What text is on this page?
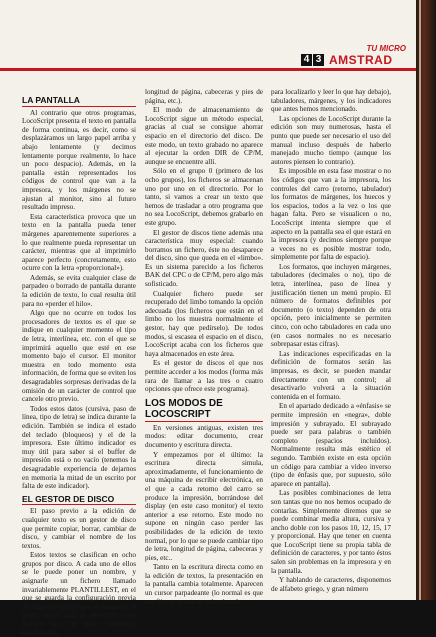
TU MICRO
4 3 AMSTRAD
LA PANTALLA

Al contrario que otros programas, LocoScript presenta el texto en pantalla de forma continua, es decir, como si desplazáramos un largo papel arriba y abajo lentamente (y decimos lentamente porque realmente, lo hace un poco despacio). Además, en la pantalla están representados los códigos de control que van a la impresora, y los márgenes no se ajustan al monitor, sino al futuro resultado impreso.

Esta característica provoca que un texto en la pantalla pueda tener márgenes aparentemente superiores a lo que realmente pueda representar un carácter, mientras que al imprimirlo aparece perfecto (concretamente, esto ocurre con la letra «proporcional»).

Además, se evita cualquier clase de parpadeo o borrado de pantalla durante la edición de texto, lo cual resulta útil para no «perder el hilo».

Algo que no ocurre en todos los procesadores de textos es el que se indique en cualquier momento el tipo de letra, interlínea, etc. con el que se imprimirá aquello que esté en ese momento bajo el cursor. El monitor muestra en todo momento esta información, de forma que se eviten los desagradables sorpresas derivadas de la omisión de un carácter de control que cancele otro previo.

Todos estos datos (cursiva, paso de línea, tipo de letra) se indica durante la edición. También se indica el estado del teclado (bloqueos) y el de la impresora. Este último indicador es muy útil para saber si el buffer de impresión está o no vacío (tenemos la desagradable experiencia de dejarnos en memoria la mitad de un escrito por falta de este indicador).

EL GESTOR DE DISCO

El paso previo a la edición de cualquier texto es un gestor de disco que permite copiar, borrar, cambiar de disco, y cambiar el nombre de los textos.

Estos textos se clasifican en ocho grupos por disco. A cada uno de ellos se le puede poner un nombre, y asignarle un fichero llamado invariablemente PLANTILLEST, en el que se guarda la configuración previa de todos los textos que se hagan en el grupo en el cual se encuentre (esto incluye tipo de letra, márgenes, tabulaciones,

longitud de página, cabeceras y pies de página, etc.).

El modo de almacenamiento de LocoScript sigue un método especial, gracias al cual se consigue ahorrar espacio en el directorio del disco. De este modo, un texto grabado no aparece al ejecutar la orden DIR de CP/M, aunque se encuentre allí.

Sólo en el grupo 0 (primero de los ocho grupos), los ficheros se almacenan uno por uno en el directorio. Por lo tanto, si vamos a crear un texto que hemos de trasladar a otro programa que no sea LocoScript, debemos grabarlo en este grupo.

El gestor de discos tiene además una característica muy especial: cuando borramos un fichero, éste no desaparece del disco, sino que queda en el «limbo». Es un sistema parecido a los ficheros BAK del CPC o de CP/M, pero algo más sofisticado.

Cualquier fichero puede ser recuperado del limbo tomando la opción adecuada (los ficheros que están en el limbo no los muestra normalmente el gestor, hay que pedírselo). De todos modos, si escasea el espacio en el disco, LocoScript acaba con los ficheros que haya almacenados en este área.

Es el gestor de discos el que nos permite acceder a los modos (forma más rara de llamar a las tres o cuatro opciones que ofrece este programa).

LOS MODOS DE LOCOSCRIPT

En versiones antiguas, existen tres modos: editar documento, crear documento y escritura directa.

Y empezamos por el último: la escritura directa simula, aproximadamente, el funcionamiento de una máquina de escribir electrónica, en el que a cada retorno del carro se produce la impresión, borrándose del display (en este caso monitor) el texto anterior a ese retorno. Este modo no supone en ningún caso perder las posibilidades de la edición de texto normal, por lo que se puede cambiar tipo de letra, longitud de página, cabeceras y pies, etc..

Tanto en la escritura directa como en la edición de textos, la presentación en la pantalla cambia totalmente. Aparecen un cursor parpadeante (lo normal es que sea fijo, pero este es más cómodo

para localizarlo y leer lo que hay debajo), tabuladores, márgenes, y los indicadores que antes hemos mencionado.

Las opciones de LocoScript durante la edición son muy numerosas, hasta el punto que puede ser necesario el uso del manual incluso después de haberlo manejado mucho tiempo (aunque los autores piensen lo contrario).

Es imposible en esta fase mostrar o no los códigos que van a la impresora, los controles del carro (retorno, tabulador) los formatos de márgenes, los huecos y los espacios, todos a la vez o los que hagan falta. Pero se visualicen o no, LocoScript intenta siempre que el aspecto en la pantalla sea el que estará en la impresora (y decimos siempre porque a veces no es posible mostrar todo, simplemente por falta de espacio).

Los formatos, que incluyen márgenes, tabuladores (decimales o no), tipo de letra, interlínea, paso de línea y justificación tienen un menú propio. El número de formatos definibles por documento (o texto) dependen de otra opción, pero inicialmente se permiten cinco, con ocho tabuladores en cada uno (en casos normales no es necesario sobrepasar estas cifras).

Las indicaciones especificadas en la definición de formatos serán las impresas, es decir, se pueden mandar directamente con un control; al desactivarlo volverá a la situación contenida en el formato.

En el apartado dedicado a «énfasis» se permite impresión en «negra», doble impresión y subrayado. El subrayado puede ser para palabras o también completo (espacios incluidos). Normalmente resulta más estético el segundo. También existe en esta opción un código para cambiar a vídeo inverso (tipo de énfasis que, por supuesto, sólo aparece en pantalla).

Las posibles combinaciones de letra son tantas que no nos hemos ocupado de contarlas. Simplemente diremos que se puede combinar media altura, cursiva y ancho doble con los pasos 10, 12, 15, 17 y proporcional. Hay que tener en cuenta que LocoScript tiene su propia tabla de definición de caracteres, y por tanto éstos salen sin problemas en la impresora y en la pantalla.

Y hablando de caracteres, disponemos de alfabeto griego, y gran número
